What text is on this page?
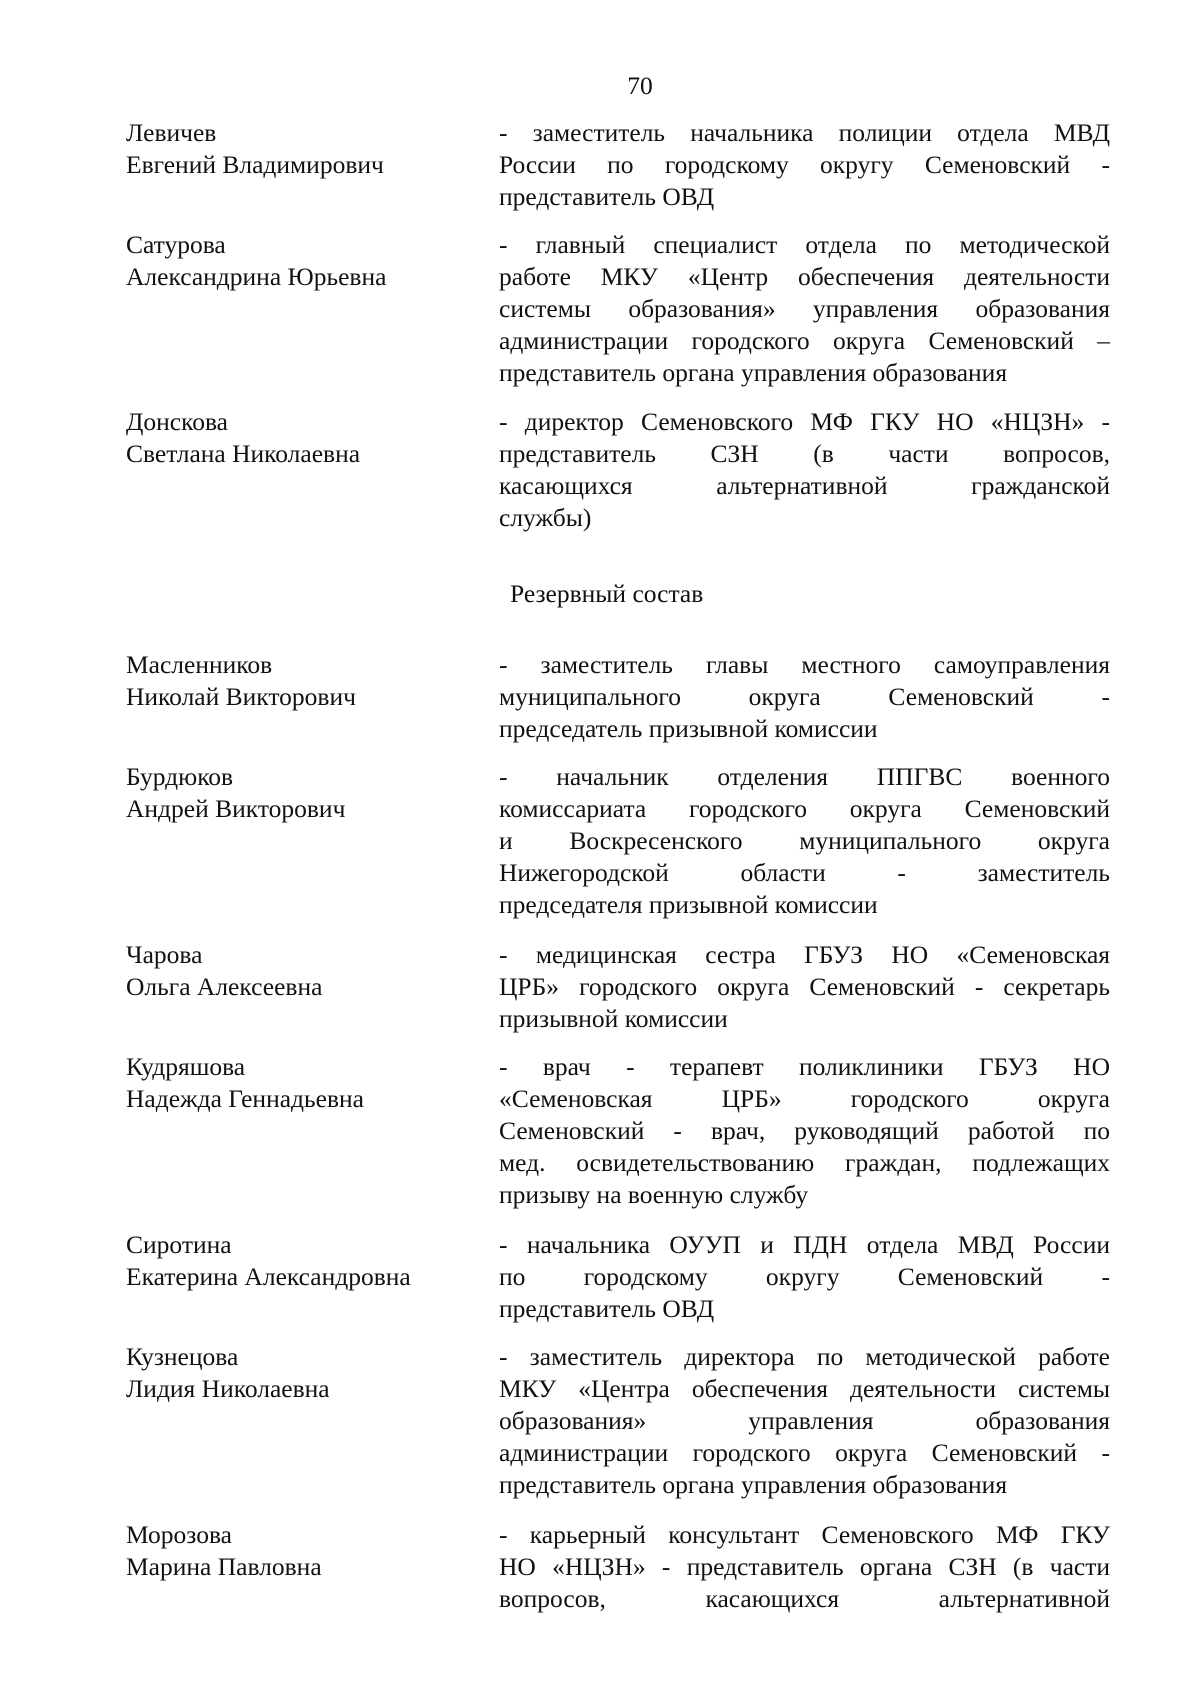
70
Левичев
Евгений Владимирович
- заместитель начальника полиции отдела МВД
России по городскому округу Семеновский -
представитель ОВД
Сатурова
Александрина Юрьевна
- главный специалист отдела по методической
работе МКУ «Центр обеспечения деятельности
системы образования» управления образования
администрации городского округа Семеновский –
представитель органа управления образования
Донскова
Светлана Николаевна
- директор Семеновского МФ ГКУ НО «НЦЗН» -
представитель СЗН (в части вопросов,
касающихся альтернативной гражданской
службы)
Резервный состав
Масленников
Николай Викторович
- заместитель главы местного самоуправления
муниципального округа Семеновский -
председатель призывной комиссии
Бурдюков
Андрей Викторович
- начальник отделения ППГВС военного
комиссариата городского округа Семеновский
и Воскресенского муниципального округа
Нижегородской области - заместитель
председателя призывной комиссии
Чарова
Ольга Алексеевна
- медицинская сестра ГБУЗ НО «Семеновская
ЦРБ» городского округа Семеновский - секретарь
призывной комиссии
Кудряшова
Надежда Геннадьевна
- врач - терапевт поликлиники ГБУЗ НО
«Семеновская ЦРБ» городского округа
Семеновский - врач, руководящий работой по
мед. освидетельствованию граждан, подлежащих
призыву на военную службу
Сиротина
Екатерина Александровна
- начальника ОУУП и ПДН отдела МВД России
по городскому округу Семеновский -
представитель ОВД
Кузнецова
Лидия Николаевна
- заместитель директора по методической работе
МКУ «Центра обеспечения деятельности системы
образования» управления образования
администрации городского округа Семеновский -
представитель органа управления образования
Морозова
Марина Павловна
- карьерный консультант Семеновского МФ ГКУ
НО «НЦЗН» - представитель органа СЗН (в части
вопросов, касающихся альтернативной
